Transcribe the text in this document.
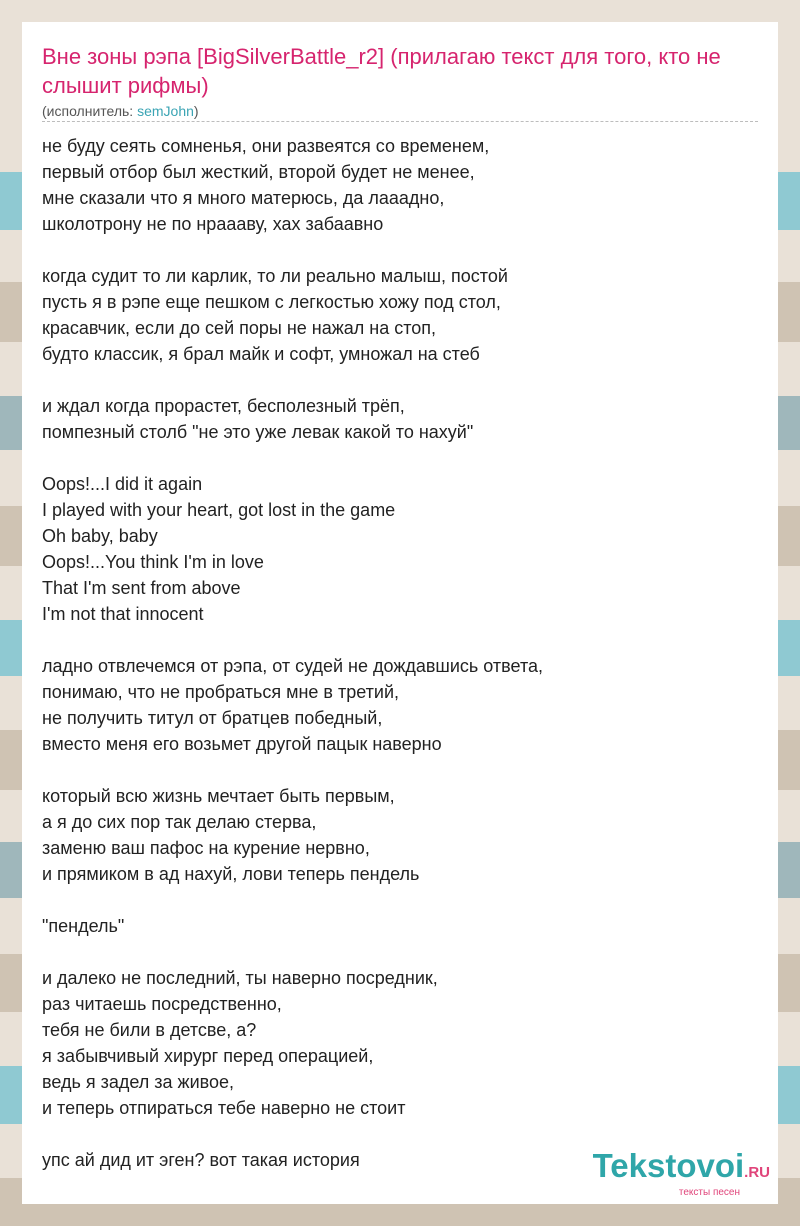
Вне зоны рэпа [BigSilverBattle_r2] (прилагаю текст для того, кто не слышит рифмы)
(исполнитель: semJohn)
не буду сеять сомненья, они развеятся со временем,
первый отбор был жесткий, второй будет не менее,
мне сказали что я много матерюсь, да лаааднo,
школотрону не по нраааву, хах забаавно
когда судит то ли карлик, то ли реально малыш, постой
пусть я в рэпе еще пешком с легкостью хожу под стол,
красавчик, если до сей поры не нажал на стоп,
будто классик, я брал майк и софт, умножал на стеб
и ждал когда прорастет, бесполезный трёп,
помпезный столб "не это уже левак какой то нахуй"
Oops!...I did it again
I played with your heart, got lost in the game
Oh baby, baby
Oops!...You think I'm in love
That I'm sent from above
I'm not that innocent
ладно отвлечемся от рэпа, от судей не дождавшись ответа,
понимаю, что не пробраться мне в третий,
не получить титул от братцев победный,
вместо меня его возьмет другой пацык наверно
который всю жизнь мечтает быть первым,
а я до сих пор так делаю стерва,
заменю ваш пафос на курение нервно,
и прямиком в ад нахуй, лови теперь пендель
"пендель"
и далеко не последний, ты наверно посредник,
раз читаешь посредственно,
тебя не били в детсве, а?
я забывчивый хирург перед операцией,
ведь я задел за живое,
и теперь отпираться тебе наверно не стоит
упс ай дид ит эген? вот такая история	Tekstovoi.RU
тексты песен
